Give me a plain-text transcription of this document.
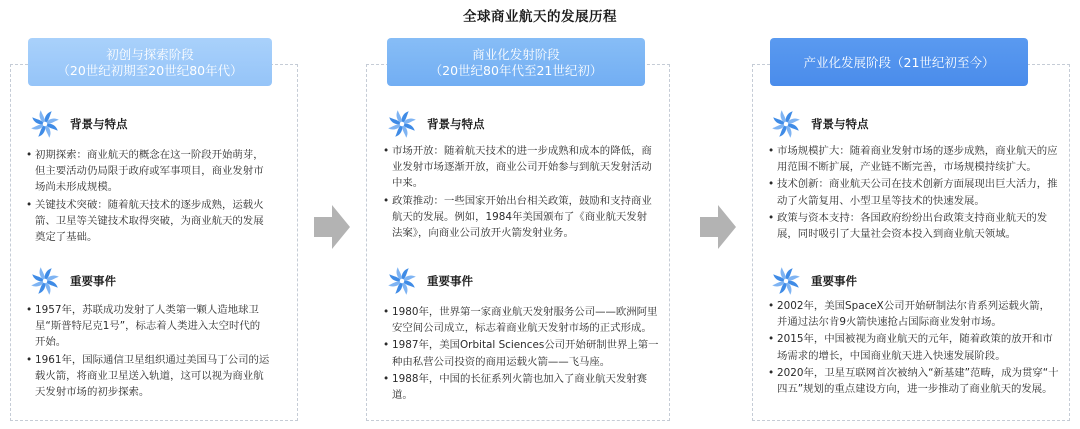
全球商业航天的发展历程
初创与探索阶段
（20世纪初期至20世纪80年代）
背景与特点
• 初期探索：商业航天的概念在这一阶段开始萌芽，但主要活动仍局限于政府或军事项目，商业发射市场尚未形成规模。
• 关键技术突破：随着航天技术的逐步成熟，运载火箭、卫星等关键技术取得突破，为商业航天的发展奠定了基础。
重要事件
• 1957年，苏联成功发射了人类第一颗人造地球卫星“斯普特尼克1号”，标志着人类进入太空时代的开始。
• 1961年，国际通信卫星组织通过美国马丁公司的运载火箭，将商业卫星送入轨道，这可以视为商业航天发射市场的初步探索。
商业化发射阶段
（20世纪80年代至21世纪初）
背景与特点
• 市场开放：随着航天技术的进一步成熟和成本的降低，商业发射市场逐渐开放，商业公司开始参与到航天发射活动中来。
• 政策推动：一些国家开始出台相关政策，鼓励和支持商业航天的发展。例如，1984年美国颁布了《商业航天发射法案》，向商业公司放开火箭发射业务。
重要事件
• 1980年，世界第一家商业航天发射服务公司——欧洲阿里安空间公司成立，标志着商业航天发射市场的正式形成。
• 1987年，美国Orbital Sciences公司开始研制世界上第一种由私营公司投资的商用运载火箭——飞马座。
• 1988年，中国的长征系列火箭也加入了商业航天发射赛道。
产业化发展阶段（21世纪初至今）
背景与特点
• 市场规模扩大：随着商业发射市场的逐步成熟，商业航天的应用范围不断扩展，产业链不断完善，市场规模持续扩大。
• 技术创新：商业航天公司在技术创新方面展现出巨大活力，推动了火箭复用、小型卫星等技术的快速发展。
• 政策与资本支持：各国政府纷纷出台政策支持商业航天的发展，同时吸引了大量社会资本投入到商业航天领域。
重要事件
• 2002年，美国SpaceX公司开始研制法尔肯系列运载火箭，并通过法尔肯9火箭快速抢占国际商业发射市场。
• 2015年，中国被视为商业航天的元年，随着政策的放开和市场需求的增长，中国商业航天进入快速发展阶段。
• 2020年，卫星互联网首次被纳入“新基建”范畴，成为贯穿“十四五”规划的重点建设方向，进一步推动了商业航天的发展。
